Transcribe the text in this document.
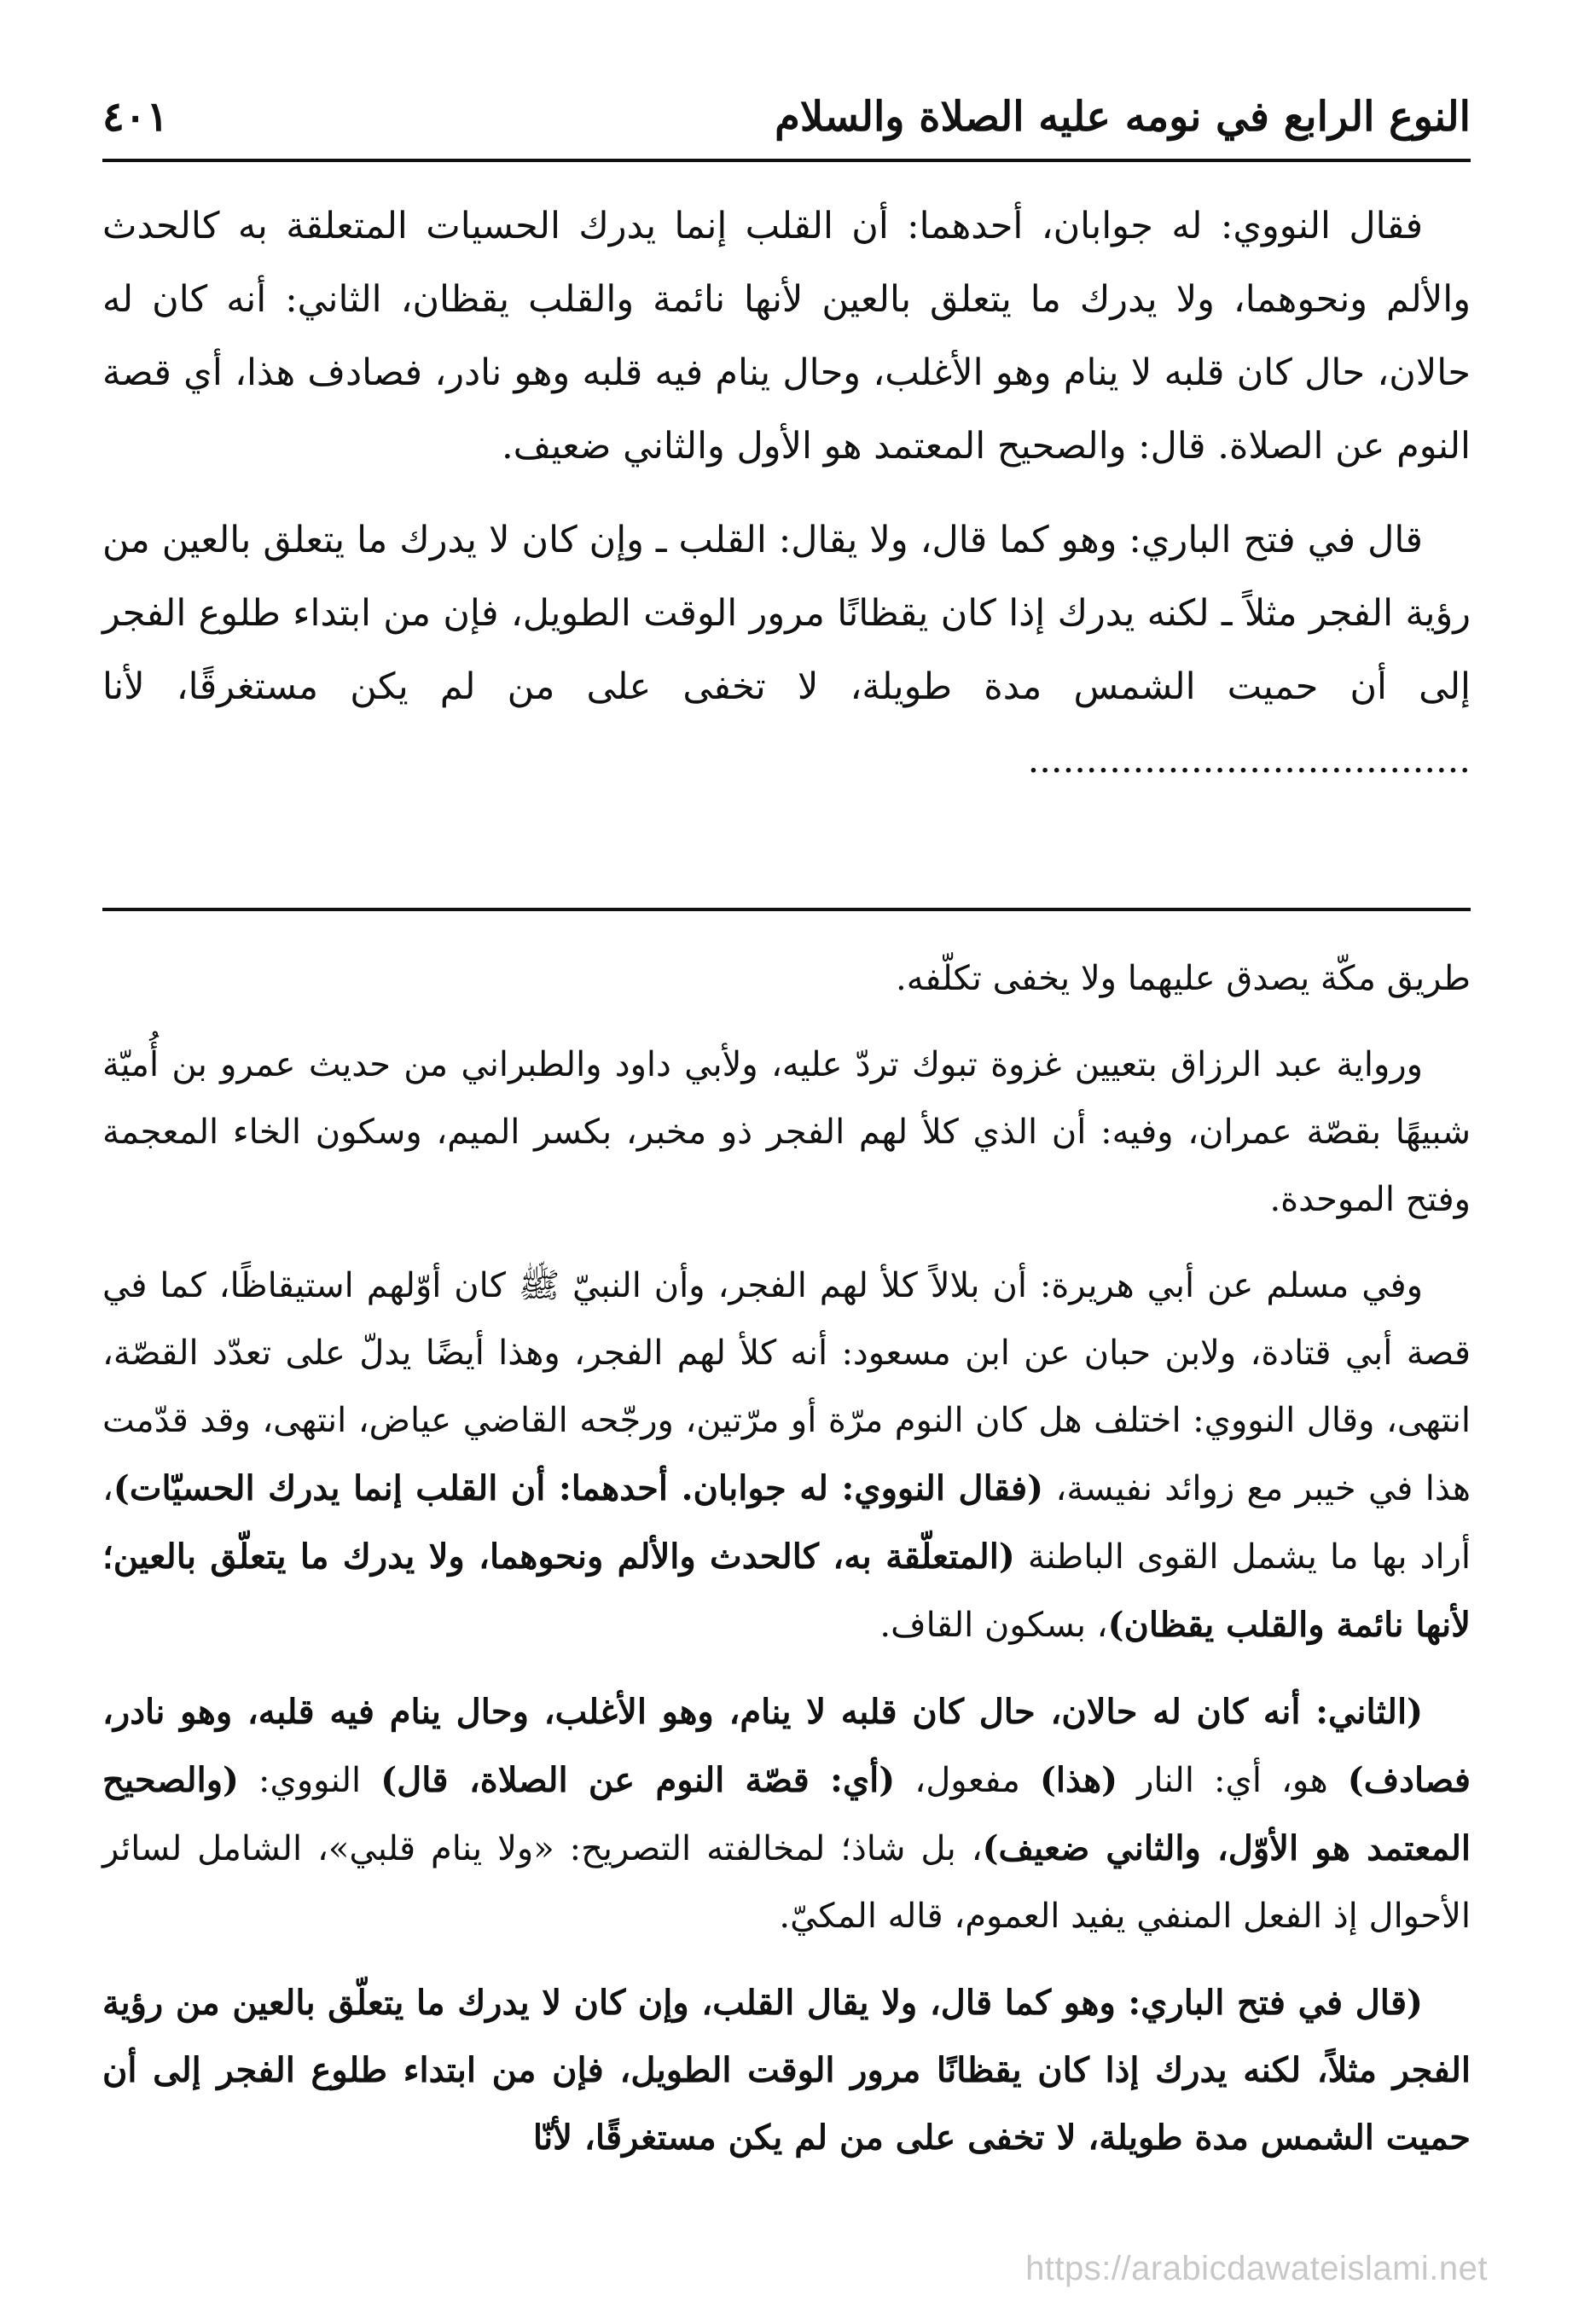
النوع الرابع في نومه عليه الصلاة والسلام
٤٠١

فقال النووي: له جوابان، أحدهما: أن القلب إنما يدرك الحسيات المتعلقة به كالحدث والألم ونحوهما، ولا يدرك ما يتعلق بالعين لأنها نائمة والقلب يقظان، الثاني: أنه كان له حالان، حال كان قلبه لا ينام وهو الأغلب، وحال ينام فيه قلبه وهو نادر، فصادف هذا، أي قصة النوم عن الصلاة. قال: والصحيح المعتمد هو الأول والثاني ضعيف.

قال في فتح الباري: وهو كما قال، ولا يقال: القلب ـ وإن كان لا يدرك ما يتعلق بالعين من رؤية الفجر مثلاً ـ لكنه يدرك إذا كان يقظانًا مرور الوقت الطويل، فإن من ابتداء طلوع الفجر إلى أن حميت الشمس مدة طويلة، لا تخفى على من لم يكن مستغرقًا، لأنا ......................................

طريق مكّة يصدق عليهما ولا يخفى تكلّفه.

ورواية عبد الرزاق بتعيين غزوة تبوك تردّ عليه، ولأبي داود والطبراني من حديث عمرو بن أُميّة شبيهًا بقصّة عمران، وفيه: أن الذي كلأ لهم الفجر ذو مخبر، بكسر الميم، وسكون الخاء المعجمة وفتح الموحدة.

وفي مسلم عن أبي هريرة: أن بلالاً كلأ لهم الفجر، وأن النبيّ ﷺ كان أوّلهم استيقاظًا، كما في قصة أبي قتادة، ولابن حبان عن ابن مسعود: أنه كلأ لهم الفجر، وهذا أيضًا يدلّ على تعدّد القصّة، انتهى، وقال النووي: اختلف هل كان النوم مرّة أو مرّتين، ورجّحه القاضي عياض، انتهى، وقد قدّمت هذا في خيبر مع زوائد نفيسة، (فقال النووي: له جوابان. أحدهما: أن القلب إنما يدرك الحسيّات)، أراد بها ما يشمل القوى الباطنة (المتعلّقة به، كالحدث والألم ونحوهما، ولا يدرك ما يتعلّق بالعين؛ لأنها نائمة والقلب يقظان)، بسكون القاف.

(الثاني: أنه كان له حالان، حال كان قلبه لا ينام، وهو الأغلب، وحال ينام فيه قلبه، وهو نادر، فصادف) هو، أي: النار (هذا) مفعول، (أي: قصّة النوم عن الصلاة، قال) النووي: (والصحيح المعتمد هو الأوّل، والثاني ضعيف)، بل شاذ؛ لمخالفته التصريح: «ولا ينام قلبي»، الشامل لسائر الأحوال إذ الفعل المنفي يفيد العموم، قاله المكيّ.

(قال في فتح الباري: وهو كما قال، ولا يقال القلب، وإن كان لا يدرك ما يتعلّق بالعين من رؤية الفجر مثلاً، لكنه يدرك إذا كان يقظانًا مرور الوقت الطويل، فإن من ابتداء طلوع الفجر إلى أن حميت الشمس مدة طويلة، لا تخفى على من لم يكن مستغرقًا، لأنّا

https://arabicdawateislami.net
